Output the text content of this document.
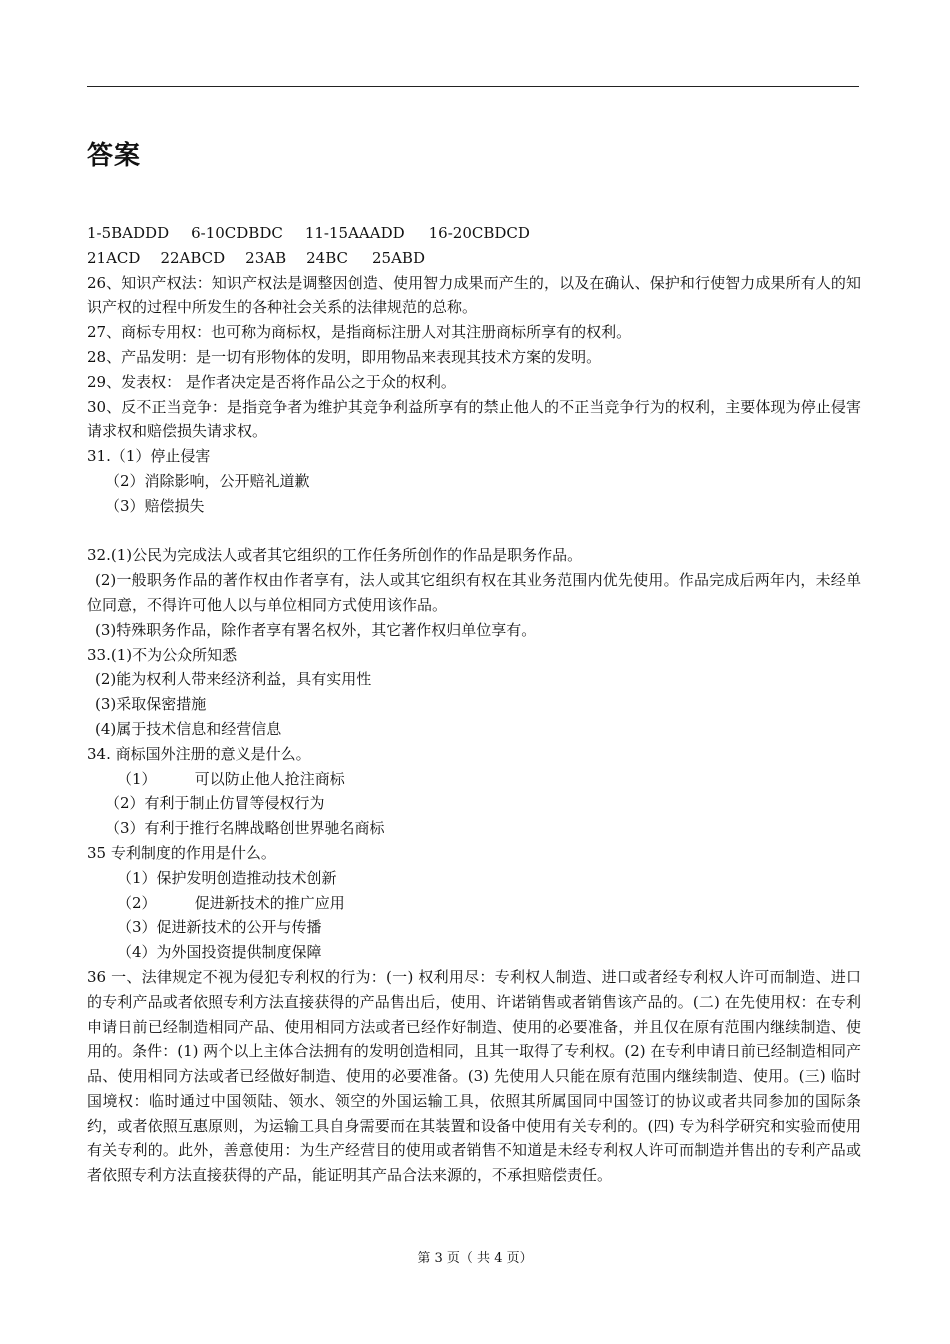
答案

1-5BADDD 6-10CDBDC 11-15AAADD 16-20CBDCD

21ACD 22ABCD 23AB 24BC 25ABD

26、知识产权法：知识产权法是调整因创造、使用智力成果而产生的，以及在确认、保护和行使智力成果所有人的知识产权的过程中所发生的各种社会关系的法律规范的总称。

27、商标专用权：也可称为商标权，是指商标注册人对其注册商标所享有的权利。

28、产品发明：是一切有形物体的发明，即用物品来表现其技术方案的发明。

29、发表权： 是作者决定是否将作品公之于众的权利。

30、反不正当竞争：是指竞争者为维护其竞争利益所享有的禁止他人的不正当竞争行为的权利，主要体现为停止侵害请求权和赔偿损失请求权。

31.（1）停止侵害

（2）消除影响，公开赔礼道歉

（3）赔偿损失

32.(1)公民为完成法人或者其它组织的工作任务所创作的作品是职务作品。

(2)一般职务作品的著作权由作者享有，法人或其它组织有权在其业务范围内优先使用。作品完成后两年内，未经单位同意，不得许可他人以与单位相同方式使用该作品。

(3)特殊职务作品，除作者享有署名权外，其它著作权归单位享有。

33.(1)不为公众所知悉

(2)能为权利人带来经济利益，具有实用性

(3)采取保密措施

(4)属于技术信息和经营信息

34. 商标国外注册的意义是什么。

（1）        可以防止他人抢注商标

（2）有利于制止仿冒等侵权行为

（3）有利于推行名牌战略创世界驰名商标

35 专利制度的作用是什么。

（1）保护发明创造推动技术创新

（2）        促进新技术的推广应用

（3）促进新技术的公开与传播

（4）为外国投资提供制度保障

36 一、法律规定不视为侵犯专利权的行为：(一) 权利用尽：专利权人制造、进口或者经专利权人许可而制造、进口的专利产品或者依照专利方法直接获得的产品售出后，使用、许诺销售或者销售该产品的。(二) 在先使用权：在专利申请日前已经制造相同产品、使用相同方法或者已经作好制造、使用的必要准备，并且仅在原有范围内继续制造、使用的。条件：(1) 两个以上主体合法拥有的发明创造相同，且其一取得了专利权。(2) 在专利申请日前已经制造相同产品、使用相同方法或者已经做好制造、使用的必要准备。(3) 先使用人只能在原有范围内继续制造、使用。(三) 临时国境权：临时通过中国领陆、领水、领空的外国运输工具，依照其所属国同中国签订的协议或者共同参加的国际条约，或者依照互惠原则，为运输工具自身需要而在其装置和设备中使用有关专利的。(四) 专为科学研究和实验而使用有关专利的。此外，善意使用：为生产经营目的使用或者销售不知道是未经专利权人许可而制造并售出的专利产品或者依照专利方法直接获得的产品，能证明其产品合法来源的，不承担赔偿责任。

第 3 页（ 共 4 页）
